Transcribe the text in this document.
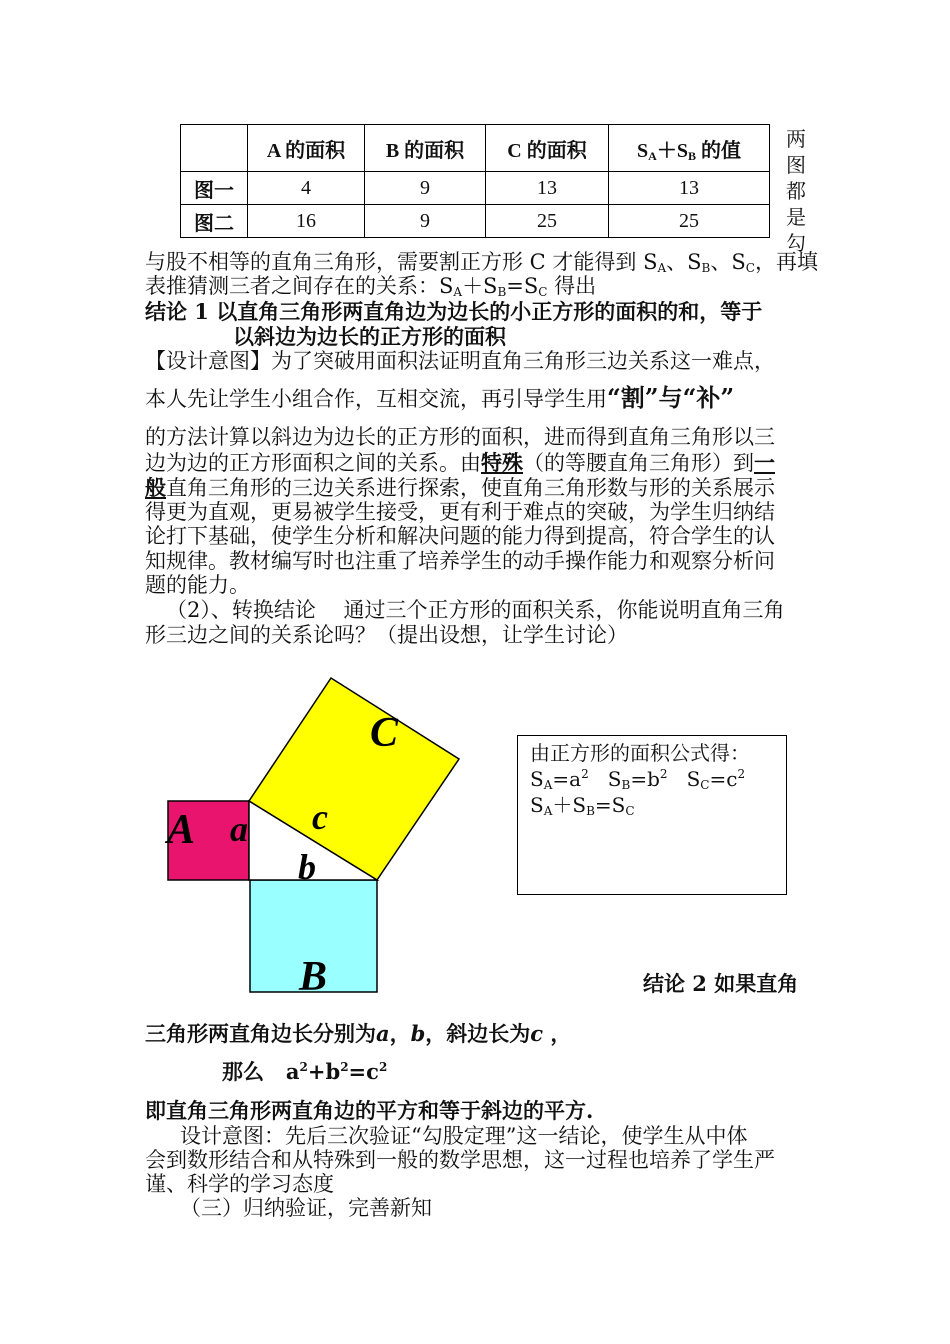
	A 的面积	B 的面积	C 的面积	$S_A+S_B$ 的值
图一	4	9	13	13
图二	16	9	25	25
两图都是勾
与股不相等的直角三角形，需要割正方形 C 才能得到 $S_A$、$S_B$、$S_C$，再填
表推猜测三者之间存在的关系：$S_A+S_B=S_C$ 得出
结论 1 以直角三角形两直角边为边长的小正方形的面积的和，等于
以斜边为边长的正方形的面积
【设计意图】为了突破用面积法证明直角三角形三边关系这一难点，
本人先让学生小组合作，互相交流，再引导学生用“割”与“补”
的方法计算以斜边为边长的正方形的面积，进而得到直角三角形以三
边为边的正方形面积之间的关系。由特殊（的等腰直角三角形）到一
般直角三角形的三边关系进行探索，使直角三角形数与形的关系展示
得更为直观，更易被学生接受，更有利于难点的突破，为学生归纳结
论打下基础，使学生分析和解决问题的能力得到提高，符合学生的认
知规律。教材编写时也注重了培养学生的动手操作能力和观察分析问
题的能力。
（2）、转换结论　 通过三个正方形的面积关系，你能说明直角三角
形三边之间的关系论吗？（提出设想，让学生讨论）
A a
b
B
C
c
由正方形的面积公式得：
$S_A=a^2$   $S_B=b^2$   $S_C=c^2$
$S_A+S_B=S_C$
结论 2 如果直角
三角形两直角边长分别为a，b，斜边长为c ，
那么   $a^2+b^2=c^2$
即直角三角形两直角边的平方和等于斜边的平方.
设计意图：先后三次验证“勾股定理”这一结论，使学生从中体
会到数形结合和从特殊到一般的数学思想，这一过程也培养了学生严
谨、科学的学习态度
（三）归纳验证，完善新知
